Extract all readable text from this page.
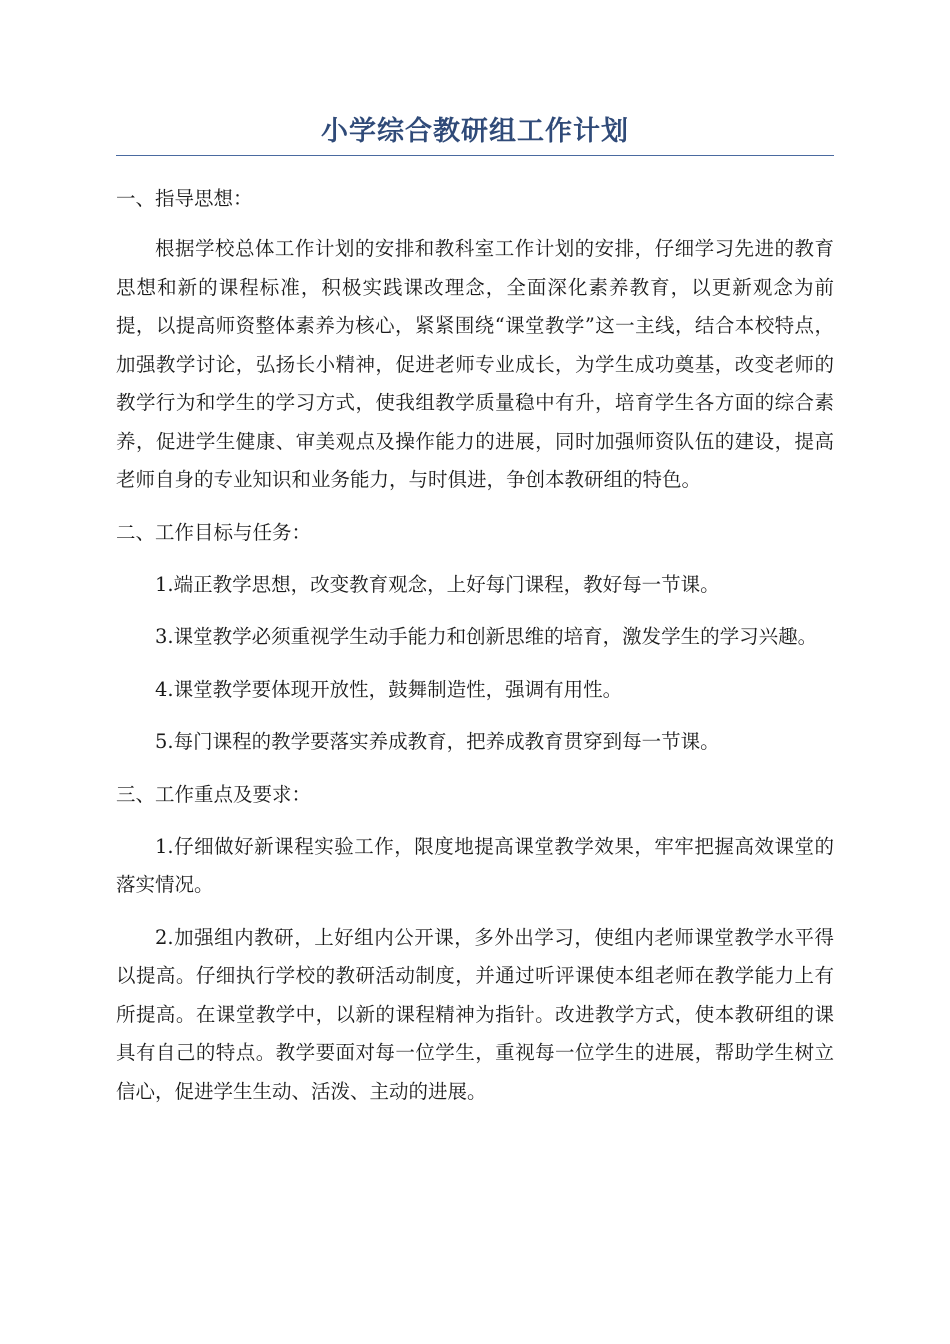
小学综合教研组工作计划

一、指导思想：

根据学校总体工作计划的安排和教科室工作计划的安排，仔细学习先进的教育思想和新的课程标准，积极实践课改理念，全面深化素养教育，以更新观念为前提，以提高师资整体素养为核心，紧紧围绕“课堂教学”这一主线，结合本校特点，加强教学讨论，弘扬长小精神，促进老师专业成长，为学生成功奠基，改变老师的教学行为和学生的学习方式，使我组教学质量稳中有升，培育学生各方面的综合素养，促进学生健康、审美观点及操作能力的进展，同时加强师资队伍的建设，提高老师自身的专业知识和业务能力，与时俱进，争创本教研组的特色。

二、工作目标与任务：

1.端正教学思想，改变教育观念，上好每门课程，教好每一节课。

3.课堂教学必须重视学生动手能力和创新思维的培育，激发学生的学习兴趣。

4.课堂教学要体现开放性，鼓舞制造性，强调有用性。

5.每门课程的教学要落实养成教育，把养成教育贯穿到每一节课。

三、工作重点及要求：

1.仔细做好新课程实验工作，限度地提高课堂教学效果，牢牢把握高效课堂的落实情况。

2.加强组内教研，上好组内公开课，多外出学习，使组内老师课堂教学水平得以提高。仔细执行学校的教研活动制度，并通过听评课使本组老师在教学能力上有所提高。在课堂教学中，以新的课程精神为指针。改进教学方式，使本教研组的课具有自己的特点。教学要面对每一位学生，重视每一位学生的进展，帮助学生树立信心，促进学生生动、活泼、主动的进展。
